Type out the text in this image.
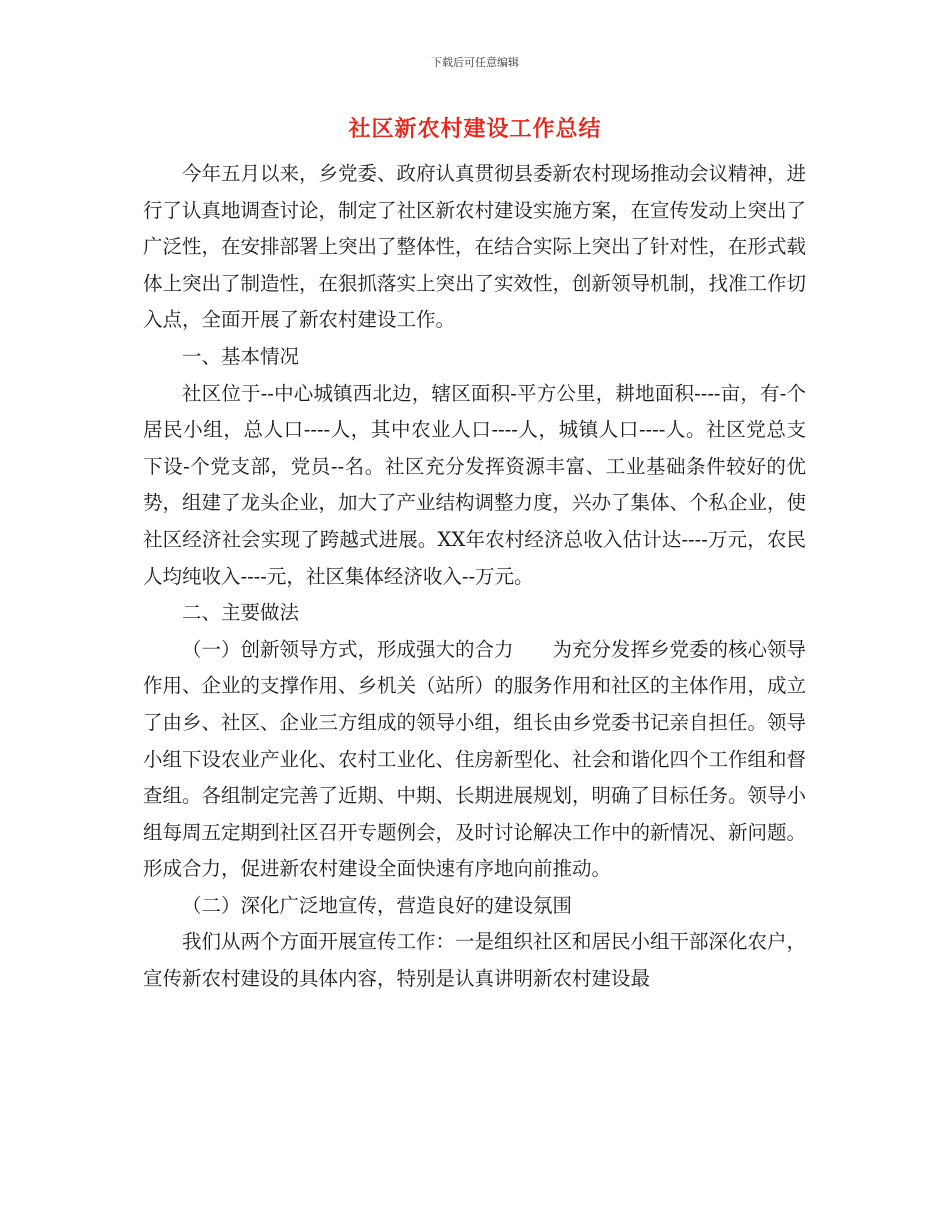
下载后可任意编辑
社区新农村建设工作总结

今年五月以来，乡党委、政府认真贯彻县委新农村现场推动会议精神，进行了认真地调查讨论，制定了社区新农村建设实施方案，在宣传发动上突出了广泛性，在安排部署上突出了整体性，在结合实际上突出了针对性，在形式载体上突出了制造性，在狠抓落实上突出了实效性，创新领导机制，找准工作切入点，全面开展了新农村建设工作。

一、基本情况

社区位于--中心城镇西北边，辖区面积-平方公里，耕地面积----亩，有-个居民小组，总人口----人，其中农业人口----人，城镇人口----人。社区党总支下设-个党支部，党员--名。社区充分发挥资源丰富、工业基础条件较好的优势，组建了龙头企业，加大了产业结构调整力度，兴办了集体、个私企业，使社区经济社会实现了跨越式进展。XX年农村经济总收入估计达----万元，农民人均纯收入----元，社区集体经济收入--万元。

二、主要做法

（一）创新领导方式，形成强大的合力　　为充分发挥乡党委的核心领导作用、企业的支撑作用、乡机关（站所）的服务作用和社区的主体作用，成立了由乡、社区、企业三方组成的领导小组，组长由乡党委书记亲自担任。领导小组下设农业产业化、农村工业化、住房新型化、社会和谐化四个工作组和督查组。各组制定完善了近期、中期、长期进展规划，明确了目标任务。领导小组每周五定期到社区召开专题例会，及时讨论解决工作中的新情况、新问题。形成合力，促进新农村建设全面快速有序地向前推动。

（二）深化广泛地宣传，营造良好的建设氛围

我们从两个方面开展宣传工作：一是组织社区和居民小组干部深化农户，宣传新农村建设的具体内容，特别是认真讲明新农村建设最
